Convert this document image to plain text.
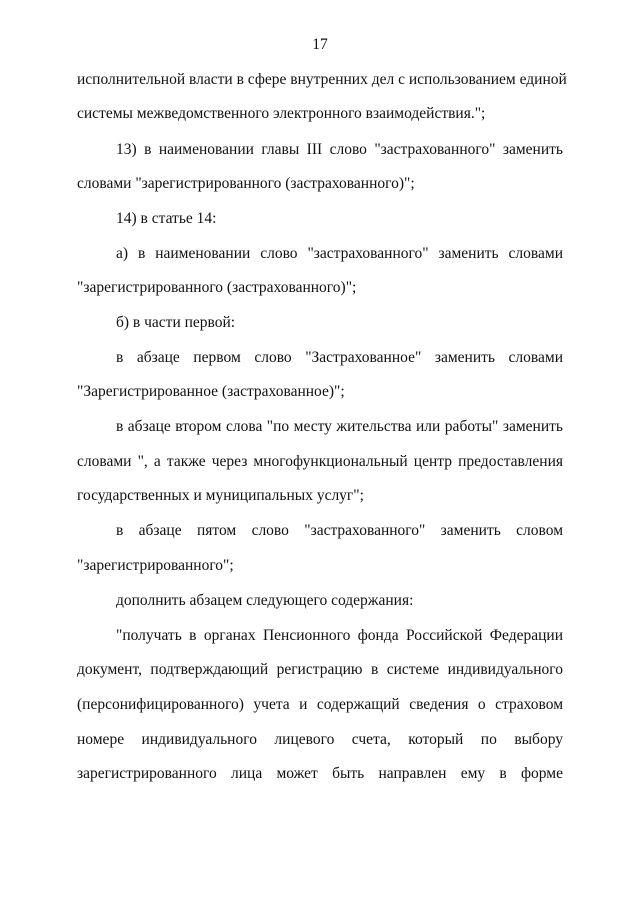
17
исполнительной власти в сфере внутренних дел с использованием единой
системы межведомственного электронного взаимодействия.";
13) в наименовании главы III слово "застрахованного" заменить
словами "зарегистрированного (застрахованного)";
14) в статье 14:
а) в наименовании слово "застрахованного" заменить словами
"зарегистрированного (застрахованного)";
б) в части первой:
в абзаце первом слово "Застрахованное" заменить словами
"Зарегистрированное (застрахованное)";
в абзаце втором слова "по месту жительства или работы" заменить
словами ", а также через многофункциональный центр предоставления
государственных и муниципальных услуг";
в абзаце пятом слово "застрахованного" заменить словом
"зарегистрированного";
дополнить абзацем следующего содержания:
"получать в органах Пенсионного фонда Российской Федерации
документ, подтверждающий регистрацию в системе индивидуального
(персонифицированного) учета и содержащий сведения о страховом
номере индивидуального лицевого счета, который по выбору
зарегистрированного лица может быть направлен ему в форме
